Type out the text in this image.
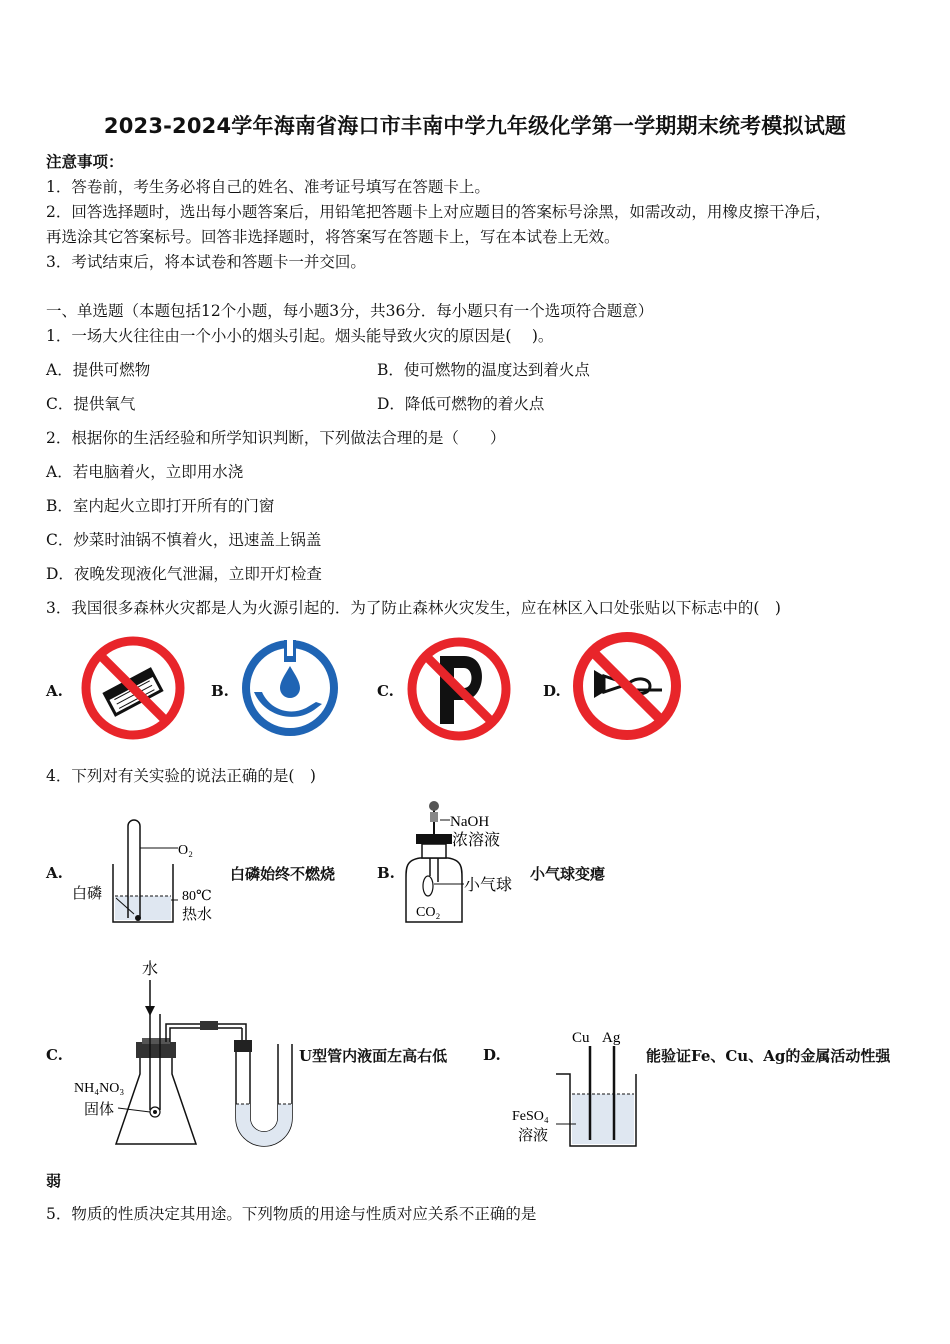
2023-2024学年海南省海口市丰南中学九年级化学第一学期期末统考模拟试题
注意事项：
1．答卷前，考生务必将自己的姓名、准考证号填写在答题卡上。
2．回答选择题时，选出每小题答案后，用铅笔把答题卡上对应题目的答案标号涂黑，如需改动，用橡皮擦干净后，
再选涂其它答案标号。回答非选择题时，将答案写在答题卡上，写在本试卷上无效。
3．考试结束后，将本试卷和答题卡一并交回。
一、单选题（本题包括12个小题，每小题3分，共36分．每小题只有一个选项符合题意）
1．一场大火往往由一个小小的烟头引起。烟头能导致火灾的原因是(　 )。
A．提供可燃物	B．使可燃物的温度达到着火点
C．提供氧气	D．降低可燃物的着火点
2．根据你的生活经验和所学知识判断，下列做法合理的是（　　）
A．若电脑着火，立即用水浇
B．室内起火立即打开所有的门窗
C．炒菜时油锅不慎着火，迅速盖上锅盖
D．夜晚发现液化气泄漏，立即开灯检查
3．我国很多森林火灾都是人为火源引起的．为了防止森林火灾发生，应在林区入口处张贴以下标志中的(　)
A.	B.	C.	D.
4．下列对有关实验的说法正确的是(　)
A.
O₂
白磷	80℃
热水
白磷始终不燃烧	B.
NaOH
浓溶液
小气球
CO₂
小气球变瘪
C.
水
NH₄NO₃
固体
U型管内液面左高右低 D.
Cu Ag
FeSO₄
溶液
能验证Fe、Cu、Ag的金属活动性强
弱
5．物质的性质决定其用途。下列物质的用途与性质对应关系不正确的是
